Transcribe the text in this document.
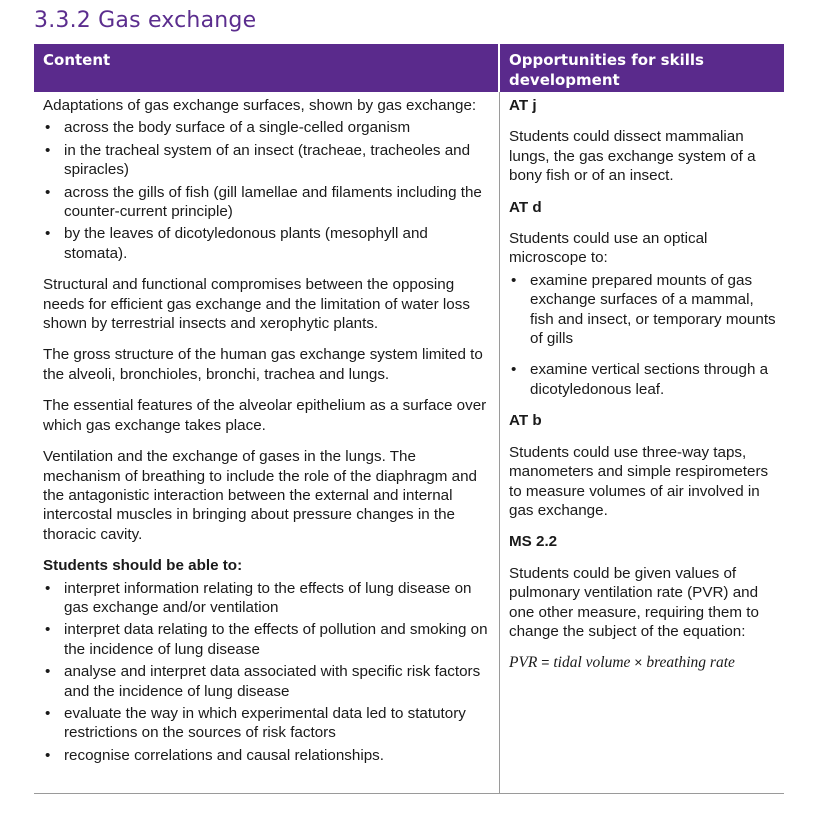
3.3.2 Gas exchange
Content	Opportunities for skills development

Adaptations of gas exchange surfaces, shown by gas exchange:

• across the body surface of a single-celled organism
• in the tracheal system of an insect (tracheae, tracheoles and spiracles)
• across the gills of fish (gill lamellae and filaments including the counter-current principle)
• by the leaves of dicotyledonous plants (mesophyll and stomata).

Structural and functional compromises between the opposing needs for efficient gas exchange and the limitation of water loss shown by terrestrial insects and xerophytic plants.

The gross structure of the human gas exchange system limited to the alveoli, bronchioles, bronchi, trachea and lungs.

The essential features of the alveolar epithelium as a surface over which gas exchange takes place.

Ventilation and the exchange of gases in the lungs. The mechanism of breathing to include the role of the diaphragm and the antagonistic interaction between the external and internal intercostal muscles in bringing about pressure changes in the thoracic cavity.

Students should be able to:

• interpret information relating to the effects of lung disease on gas exchange and/or ventilation
• interpret data relating to the effects of pollution and smoking on the incidence of lung disease
• analyse and interpret data associated with specific risk factors and the incidence of lung disease
• evaluate the way in which experimental data led to statutory restrictions on the sources of risk factors
• recognise correlations and causal relationships.

AT j

Students could dissect mammalian lungs, the gas exchange system of a bony fish or of an insect.

AT d

Students could use an optical microscope to:

• examine prepared mounts of gas exchange surfaces of a mammal, fish and insect, or temporary mounts of gills
• examine vertical sections through a dicotyledonous leaf.

AT b

Students could use three-way taps, manometers and simple respirometers to measure volumes of air involved in gas exchange.

MS 2.2

Students could be given values of pulmonary ventilation rate (PVR) and one other measure, requiring them to change the subject of the equation:

PVR = tidal volume × breathing rate
